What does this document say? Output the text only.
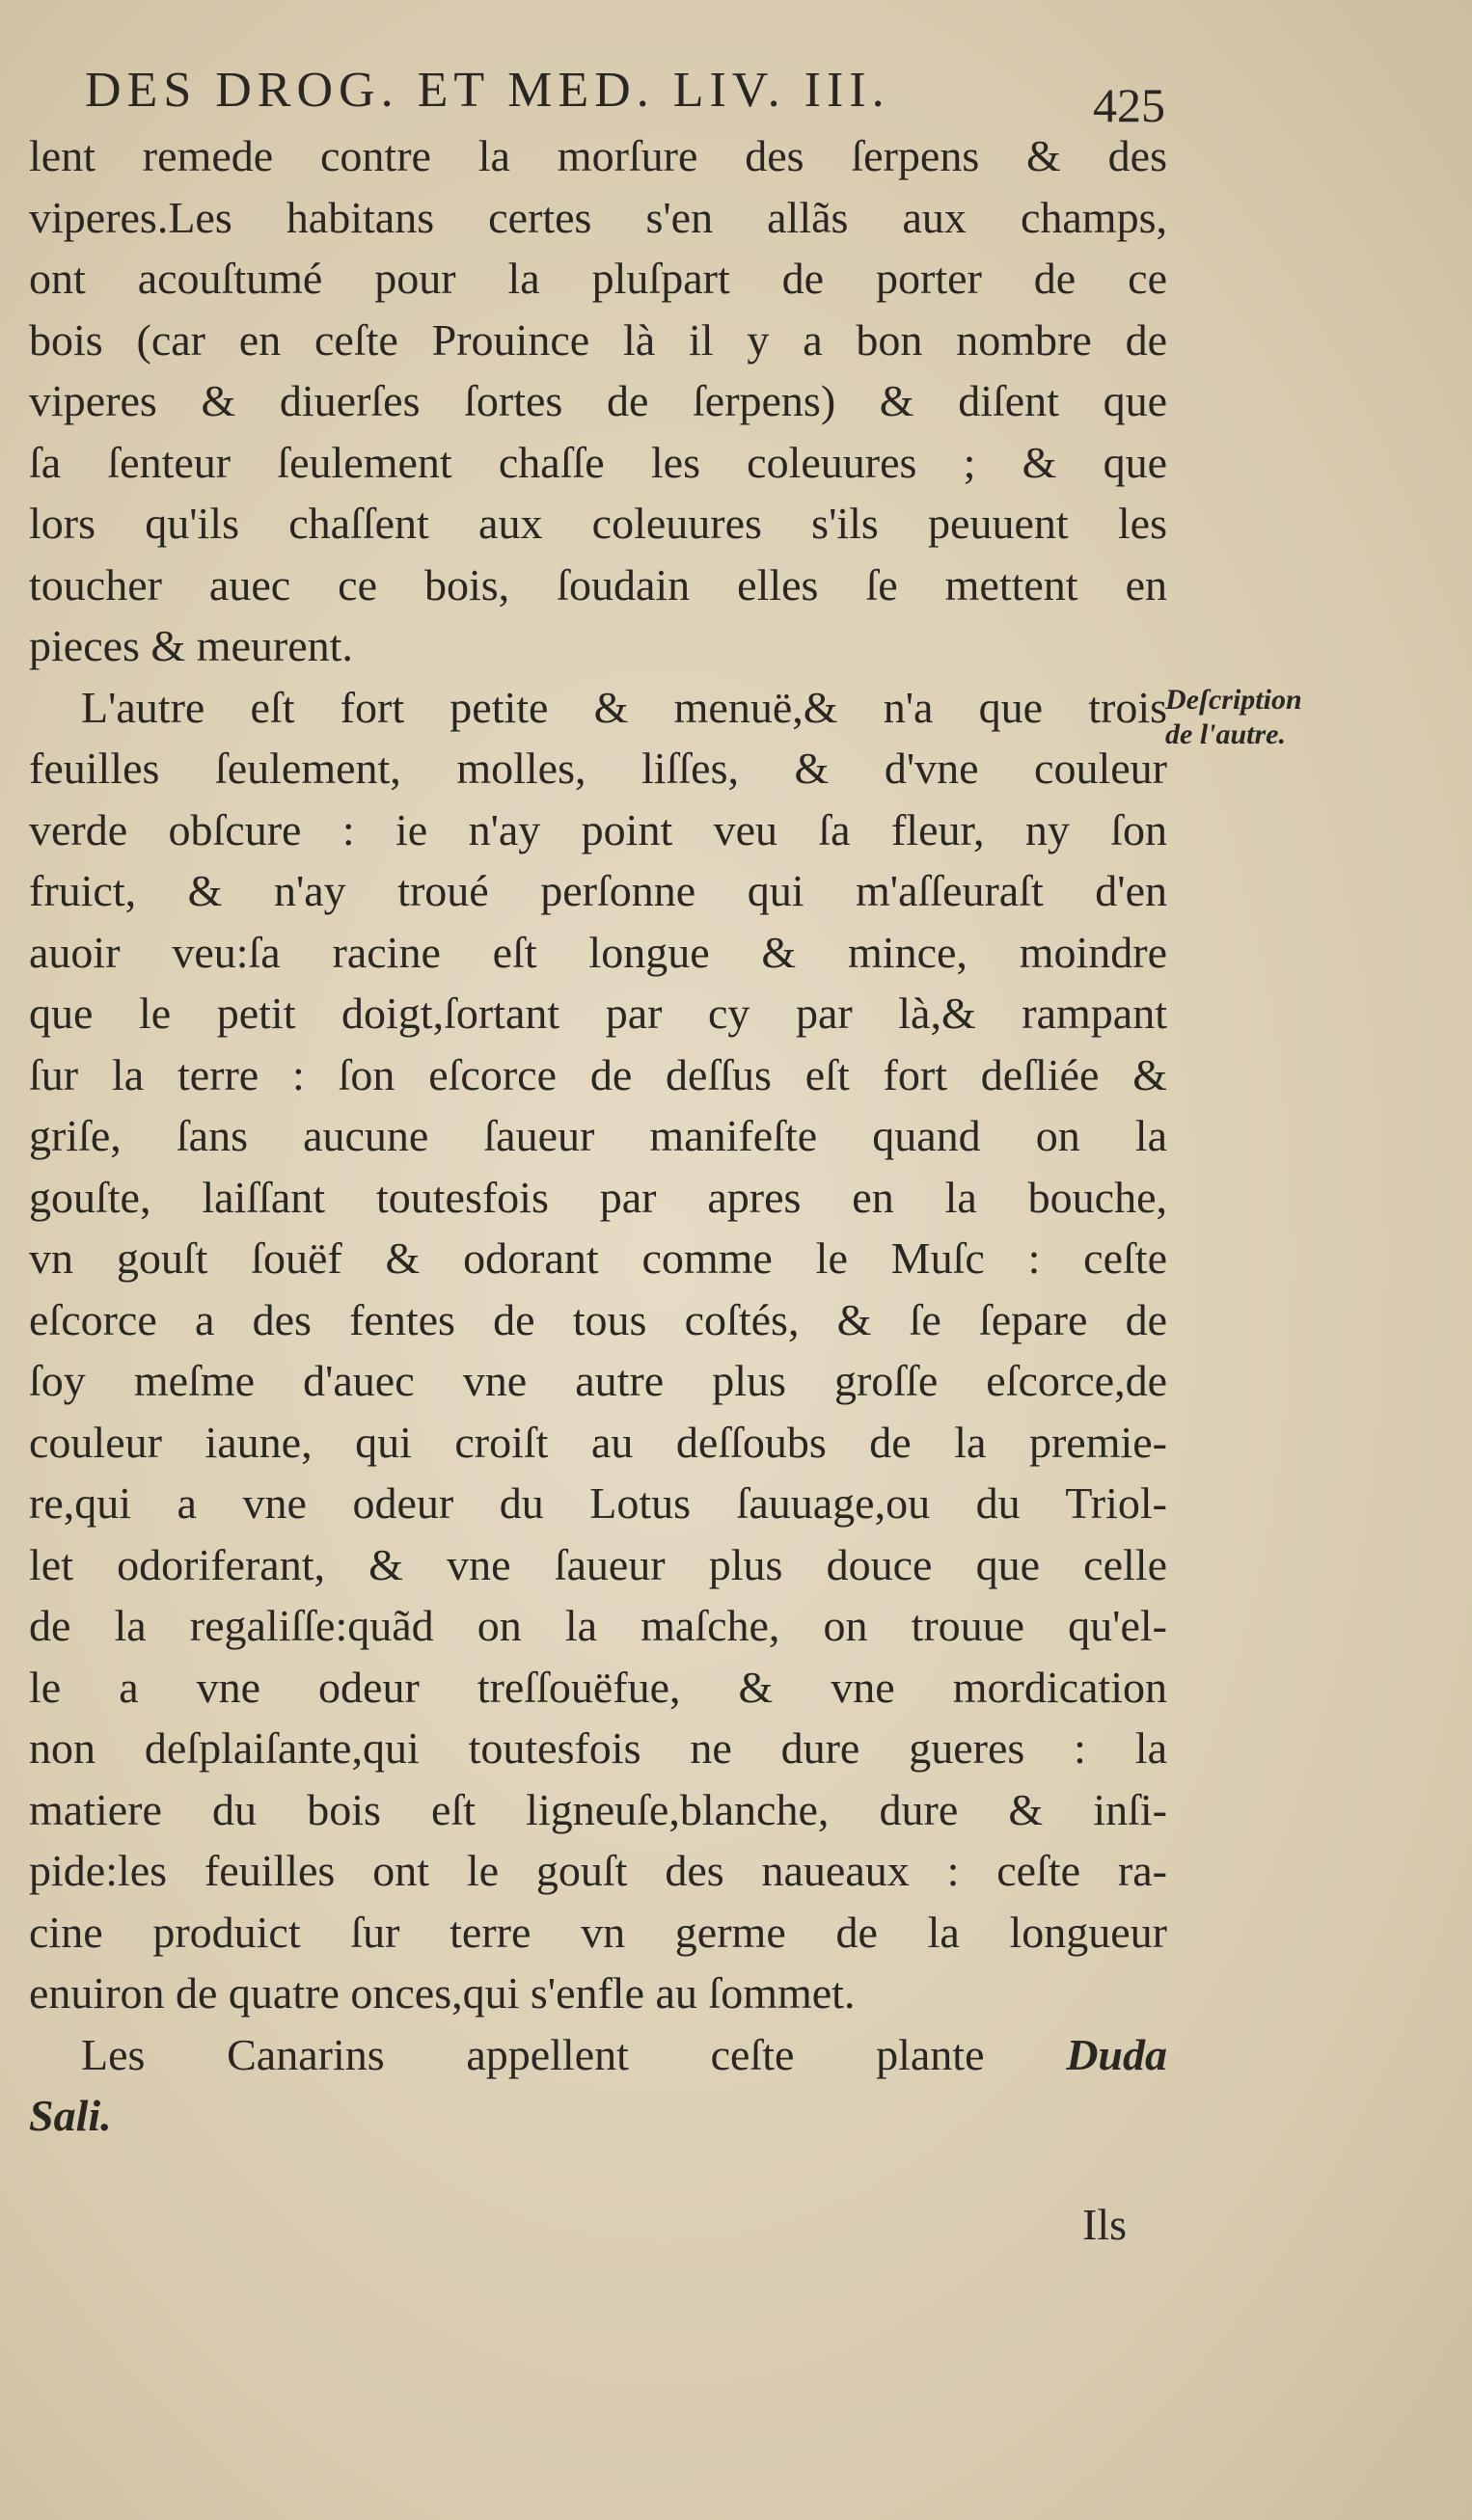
DES DROG. ET MED. LIV. III.	425
lent remede contre la morſure des ſerpens & des
viperes.Les habitans certes s'en allãs aux champs,
ont acouſtumé pour la pluſpart de porter de ce
bois (car en ceſte Prouince là il y a bon nombre de
viperes & diuerſes ſortes de ſerpens) & diſent que
ſa ſenteur ſeulement chaſſe les coleuures ; & que
lors qu'ils chaſſent aux coleuures s'ils peuuent les
toucher auec ce bois, ſoudain elles ſe mettent en
pieces & meurent.
L'autre eſt fort petite & menuë,& n'a que trois
feuilles ſeulement, molles, liſſes, & d'vne couleur
verde obſcure : ie n'ay point veu ſa fleur, ny ſon
fruict, & n'ay troué perſonne qui m'aſſeuraſt d'en
auoir veu:ſa racine eſt longue & mince, moindre
que le petit doigt,ſortant par cy par là,& rampant
ſur la terre : ſon eſcorce de deſſus eſt fort deſliée &
griſe, ſans aucune ſaueur manifeſte quand on la
gouſte, laiſſant toutesfois par apres en la bouche,
vn gouſt ſouëf & odorant comme le Muſc : ceſte
eſcorce a des fentes de tous coſtés, & ſe ſepare de
ſoy meſme d'auec vne autre plus groſſe eſcorce,de
couleur iaune, qui croiſt au deſſoubs de la premie-
re,qui a vne odeur du Lotus ſauuage,ou du Triol-
let odoriferant, & vne ſaueur plus douce que celle
de la regaliſſe:quãd on la maſche, on trouue qu'el-
le a vne odeur treſſouëfue, & vne mordication
non deſplaiſante,qui toutesfois ne dure gueres : la
matiere du bois eſt ligneuſe,blanche, dure & inſi-
pide:les feuilles ont le gouſt des naueaux : ceſte ra-
cine produict ſur terre vn germe de la longueur
enuiron de quatre onces,qui s'enfle au ſommet.
Les Canarins appellent ceſte plante Duda
Sali.
Deſcription
de l'autre.
Ils
